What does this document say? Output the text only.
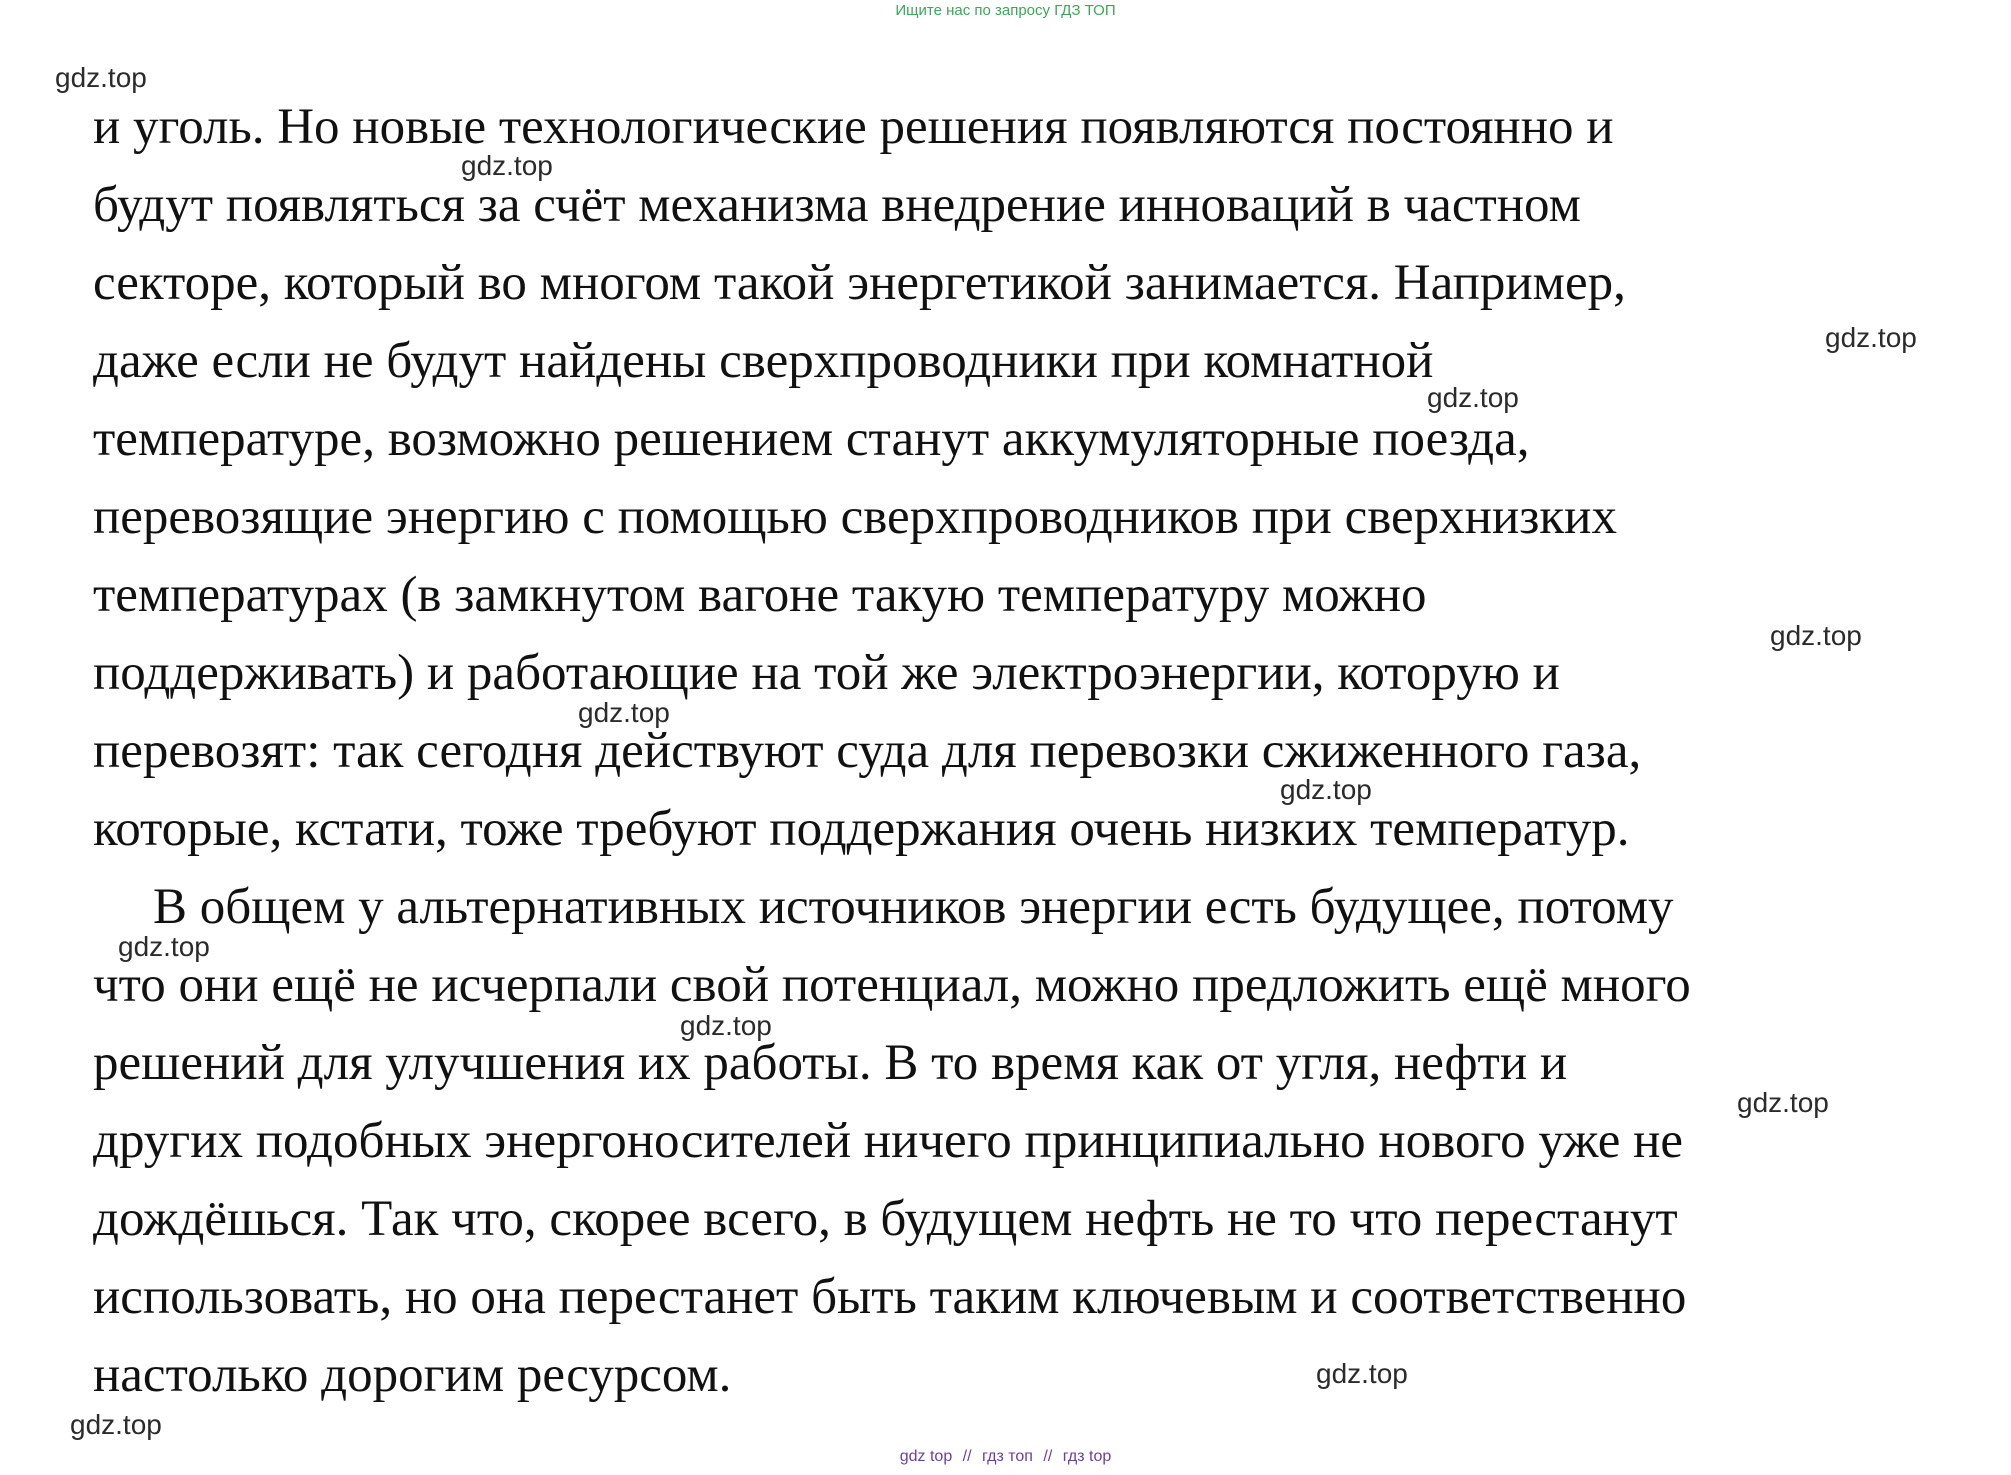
Ищите нас по запросу ГДЗ ТОП
и уголь. Но новые технологические решения появляются постоянно и
будут появляться за счёт механизма внедрение инноваций в частном
секторе, который во многом такой энергетикой занимается. Например,
даже если не будут найдены сверхпроводники при комнатной
температуре, возможно решением станут аккумуляторные поезда,
перевозящие энергию с помощью сверхпроводников при сверхнизких
температурах (в замкнутом вагоне такую температуру можно
поддерживать) и работающие на той же электроэнергии, которую и
перевозят: так сегодня действуют суда для перевозки сжиженного газа,
которые, кстати, тоже требуют поддержания очень низких температур.
В общем у альтернативных источников энергии есть будущее, потому
что они ещё не исчерпали свой потенциал, можно предложить ещё много
решений для улучшения их работы. В то время как от угля, нефти и
других подобных энергоносителей ничего принципиально нового уже не
дождёшься. Так что, скорее всего, в будущем нефть не то что перестанут
использовать, но она перестанет быть таким ключевым и соответственно
настолько дорогим ресурсом.
gdz.top
gdz.top
gdz.top
gdz.top
gdz.top
gdz.top
gdz.top
gdz.top
gdz.top
gdz.top
gdz.top
gdz.top
gdz top // гдз топ // гдз top
